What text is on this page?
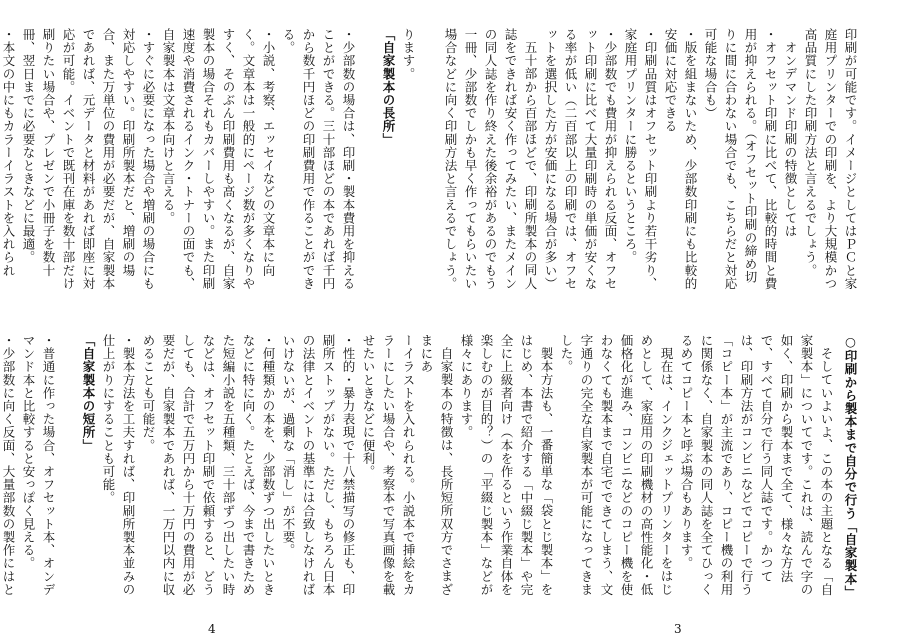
ります。

「自家製本の長所」

・少部数の場合は、印刷・製本費用を抑えることができる。三十部ほどの本であれば千円から数千円ほどの印刷費用で作ることができる。

・小説、考察、エッセイなどの文章本に向く。文章本は一般的にページ数が多くなりやすく、そのぶん印刷費用も高くなるが、自家製本の場合それもカバーしやすい。また印刷速度や消費されるインク・トナーの面でも、自家製本は文章本向けと言える。

・すぐに必要になった場合や増刷の場合にも対応しやすい。印刷所製本だと、増刷の場合、また万単位の費用が必要だが、自家製本であれば、元データと材料があれば即座に対応が可能。イベントで既刊在庫を数十部だけ刷りたい場合や、プレゼンで小冊子を数十冊、翌日までに必要なときなどに最適。

・本文の中にもカラーイラストを入れられ

ーイラストを入れられる。小説本で挿絵をカラーにしたい場合や、考察本で写真画像を載せたいときなどに便利。

・性的・暴力表現で十八禁描写の修正も、印刷所ストップがない。ただし、もちろん日本の法律とイベントの基準には合致しなければいけないが、過剰な「消し」が不要。

・何種類かの本を、少部数ずつ出したいときなどに特に向く。たとえば、今まで書きためた短編小説を五種類、三十部ずつ出したい時などは、オフセット印刷で依頼すると、どうしても、合計で五万円から十万円の費用が必要だが、自家製本であれば、一万円以内に収めることも可能だ。

・製本方法を工夫すれば、印刷所製本並みの仕上がりにすることも可能。

「自家製本の短所」

・普通に作った場合、オフセット本、オンデマンド本と比較すると安っぽく見える。

・少部数に向く反面、大量部数の製作にはと

4

印刷が可能です。イメージとしてはＰＣと家庭用プリンターでの印刷を、より大規模かつ高品質にした印刷方法と言えるでしょう。

オンデマンド印刷の特徴としては

・オフセット印刷に比べて、比較的時間と費用が抑えられる。（オフセット印刷の締め切りに間に合わない場合でも、こちらだと対応可能な場合も）

・版を組まないため、少部数印刷にも比較的安価に対応できる

・印刷品質はオフセット印刷より若干劣り、家庭用プリンターに勝るというところ。

・少部数でも費用が抑えられる反面、オフセット印刷に比べて大量印刷時の単価が安くなる率が低い（二百部以上の印刷では、オフセットを選択した方が安価になる場合が多い）

五十部から百部ほどで、印刷所製本の同人誌をできれば安く作ってみたい、またメインの同人誌を作り終えた後余裕があるのでもう一冊、少部数でしかも早く作ってもらいたい場合などに向く印刷方法と言えるでしょう。

○印刷から製本まで自分で行う「自家製本」

そしていよいよ、この本の主題となる「自家製本」についてです。これは、読んで字の如く、印刷から製本まで全て、様々な方法で、すべて自分で行う同人誌です。かつては、印刷方法がコンビニなどでコピーで行う「コピー本」が主流であり、コピー機の利用に関係なく、自家製本の同人誌を全てひっくるめてコピー本と呼ぶ場合もあります。

現在は、インクジェットプリンターをはじめとして、家庭用の印刷機材の高性能化・低価格化が進み、コンビニなどのコピー機を使わなくても製本まで自宅でできてしまう、文字通りの完全な自家製本が可能になってきました。

製本方法も、一番簡単な「袋とじ製本」をはじめ、本書で紹介する「中綴じ製本」や完全に上級者向け（本を作るという作業自体を楽しむのが目的？）の「平綴じ製本」などが様々にあります。

自家製本の特徴は、長所短所双方でさまざまにあ

3
